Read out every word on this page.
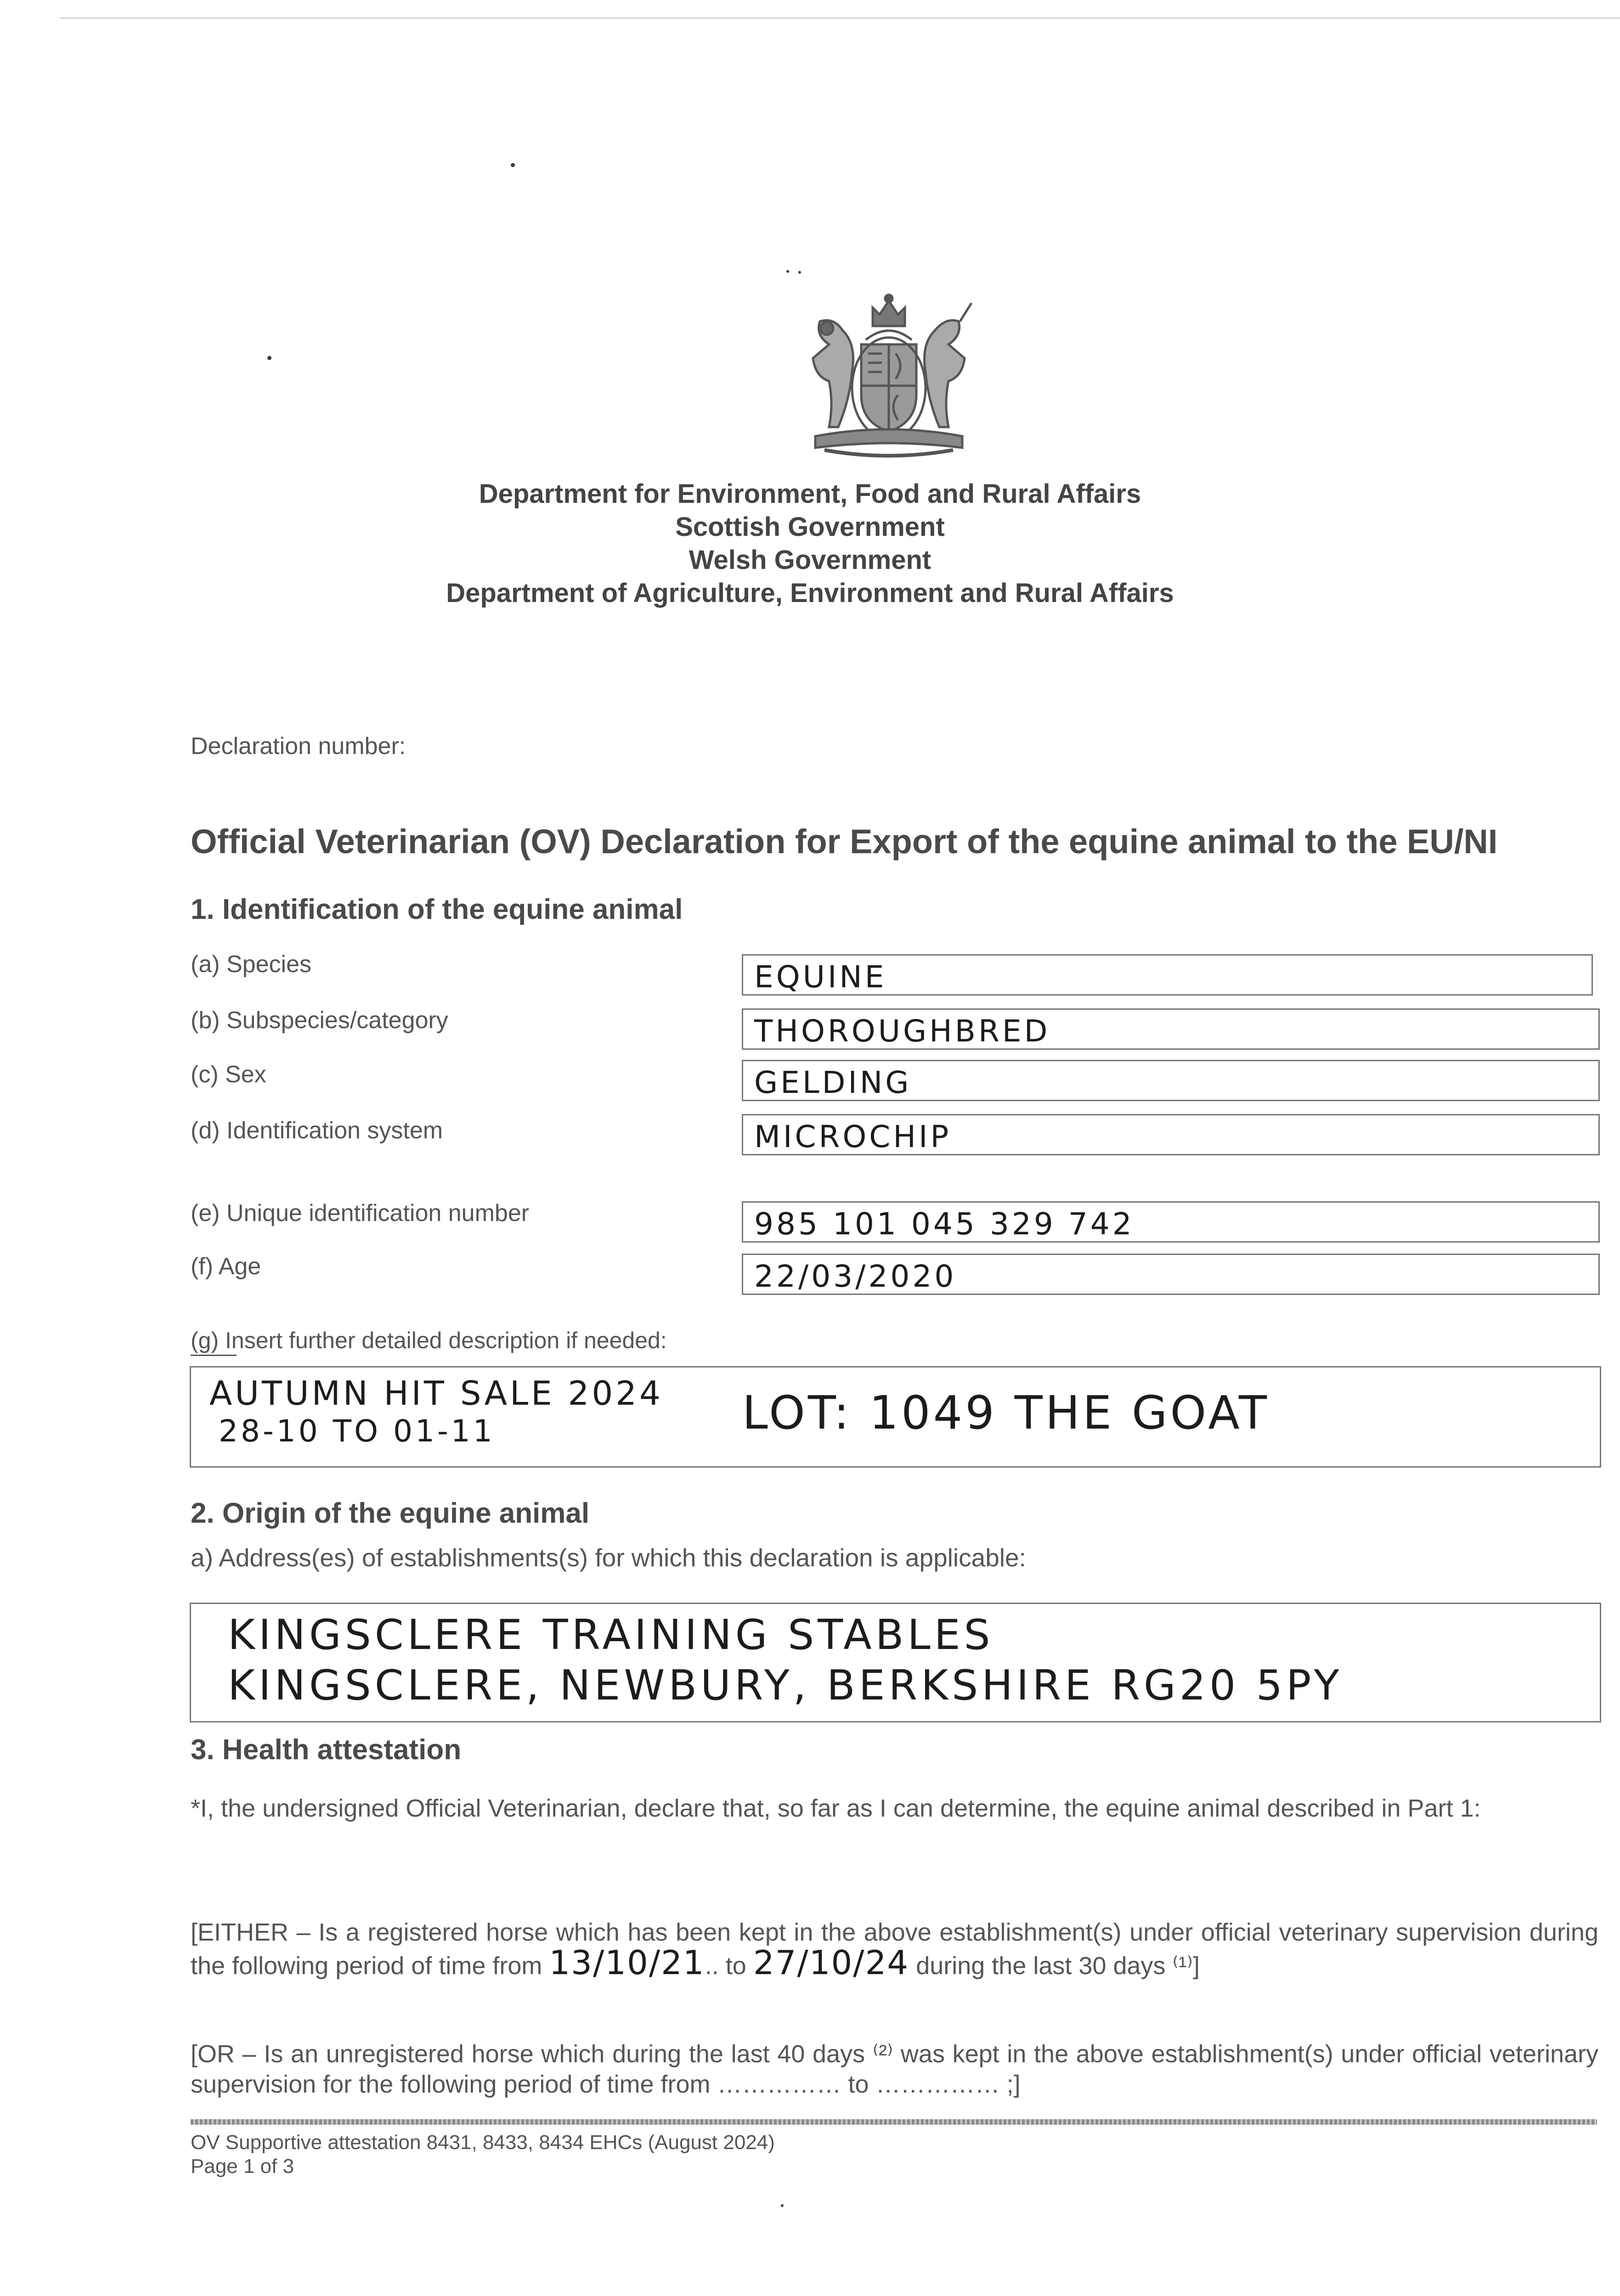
Department for Environment, Food and Rural Affairs
Scottish Government
Welsh Government
Department of Agriculture, Environment and Rural Affairs
Declaration number:
Official Veterinarian (OV) Declaration for Export of the equine animal to the EU/NI
1. Identification of the equine animal
(a) Species	EQUINE
(b) Subspecies/category	THOROUGHBRED
(c) Sex	GELDING
(d) Identification system	MICROCHIP
(e) Unique identification number	985 101 045 329 742
(f) Age	22/03/2020
(g) Insert further detailed description if needed:
AUTUMN HIT SALE 2024
28-10 TO 01-11	LOT: 1049 THE GOAT
2. Origin of the equine animal
a) Address(es) of establishments(s) for which this declaration is applicable:
KINGSCLERE TRAINING STABLES
KINGSCLERE, NEWBURY, BERKSHIRE RG20 5PY
3. Health attestation
*I, the undersigned Official Veterinarian, declare that, so far as I can determine, the equine animal described in Part 1:
[EITHER – Is a registered horse which has been kept in the above establishment(s) under official veterinary supervision during the following period of time from 13/10/21.. to 27/10/24 during the last 30 days ⁽¹⁾]
[OR – Is an unregistered horse which during the last 40 days ⁽²⁾ was kept in the above establishment(s) under official veterinary supervision for the following period of time from …………… to …………… ;]
OV Supportive attestation 8431, 8433, 8434 EHCs (August 2024)
Page 1 of 3
